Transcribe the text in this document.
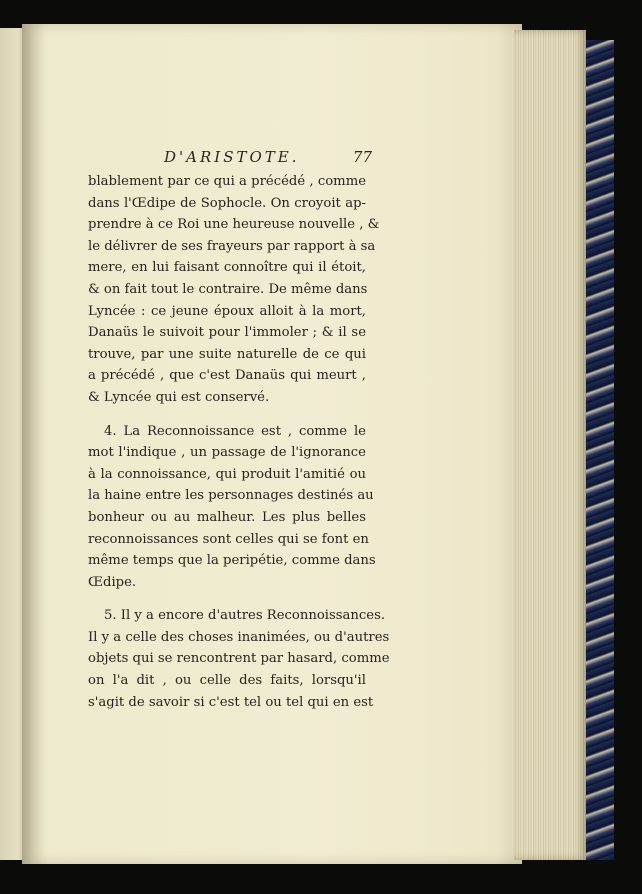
D'ARISTOTE.	77
blablement par ce qui a précédé , comme
dans l'Œdipe de Sophocle. On croyoit ap-
prendre à ce Roi une heureuse nouvelle , &
le délivrer de ses frayeurs par rapport à sa
mere, en lui faisant connoître qui il étoit,
& on fait tout le contraire. De même dans
Lyncée : ce jeune époux alloit à la mort,
Danaüs le suivoit pour l'immoler ; & il se
trouve, par une suite naturelle de ce qui
a précédé , que c'est Danaüs qui meurt ,
& Lyncée qui est conservé.
4. La Reconnoissance est , comme le
mot l'indique , un passage de l'ignorance
à la connoissance, qui produit l'amitié ou
la haine entre les personnages destinés au
bonheur ou au malheur. Les plus belles
reconnoissances sont celles qui se font en
même temps que la peripétie, comme dans
Œdipe.
5. Il y a encore d'autres Reconnoissances.
Il y a celle des choses inanimées, ou d'autres
objets qui se rencontrent par hasard, comme
on l'a dit , ou celle des faits, lorsqu'il
s'agit de savoir si c'est tel ou tel qui en est
